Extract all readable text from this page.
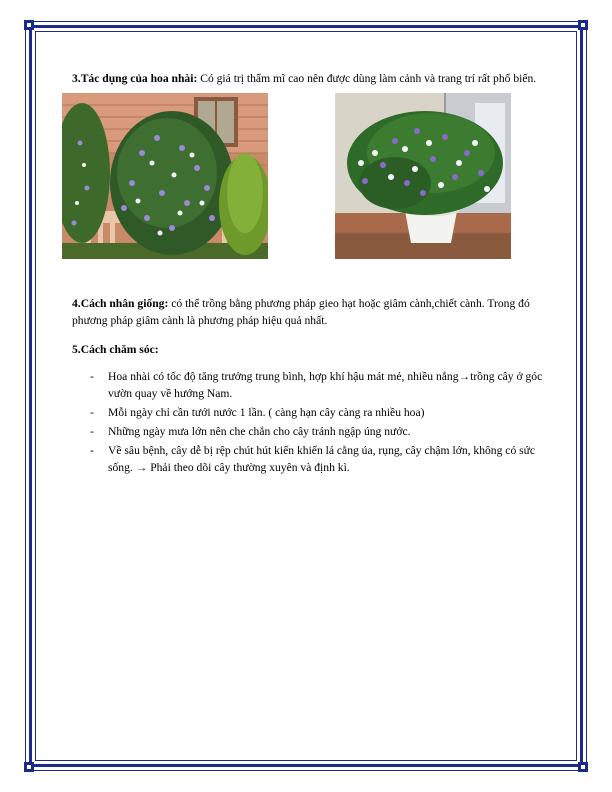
3.Tác dụng của hoa nhài: Có giá trị thẩm mĩ cao nên được dùng làm cảnh và trang trí rất phổ biến.

4.Cách nhân giống: có thể trồng bằng phương pháp gieo hạt hoặc giâm cành,chiết cành. Trong đó phương pháp giâm cành là phương pháp hiệu quả nhất.

5.Cách chăm sóc:
- Hoa nhài có tốc độ tăng trưởng trung bình, hợp khí hậu mát mẻ, nhiều nắng→trồng cây ở góc vườn quay về hướng Nam.
- Mỗi ngày chỉ cần tưới nước 1 lần. ( càng hạn cây càng ra nhiều hoa)
- Những ngày mưa lớn nên che chắn cho cây tránh ngập úng nước.
- Về sâu bệnh, cây dễ bị rệp chút hút kiến khiến lá cằng úa, rụng, cây chậm lớn, không có sức sống. → Phải theo dõi cây thường xuyên và định kì.
